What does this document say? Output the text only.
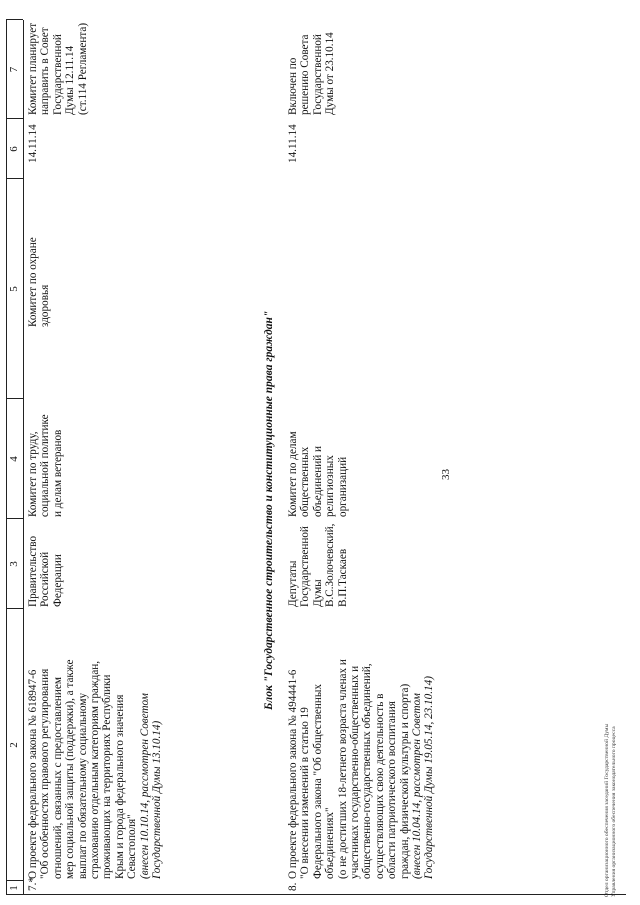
33
1
2
3
4
5
6
7
7.*
О проекте федерального закона № 618947-6 "Об особенностях правового регулирования отношений, связанных с предоставлением мер социальной защиты (поддержки), а также выплат по обязательному социальному страхованию отдельным категориям граждан, проживающих на территориях Республики Крым и города федерального значения Севастополя" (внесен 10.10.14, рассмотрен Советом Государственной Думы 13.10.14)
Правительство Российской Федерации
Комитет по труду, социальной политике и делам ветеранов
Комитет по охране здоровья
14.11.14
Комитет планирует направить в Совет Государственной Думы 12.11.14 (ст.114 Регламента)
Блок "Государственное строительство и конституционные права граждан"
8.
О проекте федерального закона № 494441-6 "О внесении изменений в статью 19 Федерального закона "Об общественных объединениях" (о не достигших 18-летнего возраста членах и участниках государственно-общественных и общественно-государственных объединений, осуществляющих свою деятельность в области патриотического воспитания граждан, физической культуры и спорта) (внесен 10.04.14, рассмотрен Советом Государственной Думы 19.05.14, 23.10.14)
Депутаты Государственной Думы В.С.Золочевский, В.П.Таскаев
Комитет по делам общественных объединений и религиозных организаций
14.11.14
Включен по решению Совета Государственной Думы от 23.10.14
Отдел организационного обеспечения заседаний Государственной Думы Управления организационного обеспечения законодательного процесса
